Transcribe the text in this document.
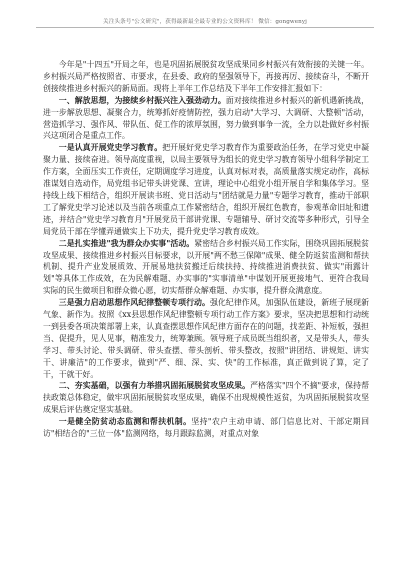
关注头条号"公文研究"，获得最新最全最专业的公文资料库！ 微信：gongwenyj

今年是"十四五"开局之年，也是巩固拓展脱贫攻坚成果同乡村振兴有效衔接的关键一年。乡村振兴局严格按照省、市要求，在县委、政府的坚强领导下，再接再厉、接续奋斗，不断开创接续推进乡村振兴的新局面。现将上半年工作总结及下半年工作安排汇报如下：

一、解放思想，为接续乡村振兴注入强劲动力。面对接续推进乡村振兴的新机遇新挑战，进一步解放思想、凝聚合力，统筹抓好疫情防控，强力启动"大学习、大调研、大整顿"活动，营造抓学习、强作风、带队伍、促工作的浓厚氛围，努力做到事争一流，全力以赴做好乡村振兴这项闭合是重点工作。

一是认真开展党史学习教育。把开展好党史学习教育作为重要政治任务，在学习党史中凝聚力量、接续奋进。领导高度重视，以局主要领导为组长的党史学习教育领导小组科学制定工作方案，全面压实工作责任，定期调度学习进度，认真对标对表，高质量落实规定动作，高标准谋划自选动作，局党组书记带头讲党课、宣讲，理论中心组党小组开展自学和集体学习。坚持线上线下相结合，组织开展读书班、党日活动与"团结就是力量"专题学习教育，推动干部职工了解党史学习论述以及当前各项重点工作紧密结合，组织开展红色教育，参观革命旧址和遗迹，并结合"党史学习教育月"开展党员干部讲党课、专题辅导、研讨交流等多种形式，引导全局党员干部在学懂弄通做实上下功夫，提升党史学习教育成效。

二是扎实推进"我为群众办实事"活动。紧密结合乡村振兴局工作实际，围绕巩固拓展脱贫攻坚成果、接续推进乡村振兴目标要求，以开展"两不愁三保障"成果、健全防返贫监测和帮扶机制、提升产业发展质效、开展易地扶贫搬迁后续扶持、持续推进消费扶贫、做实"雨露计划"等具体工作成效，在为民解难题、办实事的"实事清单"中谋划开展更接地气、更符合我局实际的民生微项目和群众微心愿，切实帮群众解难题、办实事，提升群众满意度。

三是强力启动思想作风纪律整顿专项行动。强化纪律作风，加强队伍建设，新班子展现新气象、新作为。按照《xx县思想作风纪律整顿专项行动工作方案》要求，坚决把思想和行动统一到县委各项决策部署上来，认真查摆思想作风纪律方面存在的问题，找差距、补短板，强担当、促提升，见人见事，精准发力，统筹兼顾。领导班子成员既当组织者，又是带头人，带头学习、带头讨论、带头调研、带头查摆、带头剖析、带头整改，按照"讲团结、讲规矩、讲实干、讲廉洁"的工作要求，做到"严、细、深、实、快"的工作标准，真正做到说了算，定了干，干就干好。

二、夯实基础，以强有力举措巩固拓展脱贫攻坚成果。严格落实"四个不摘"要求，保持帮扶政策总体稳定，做牢巩固拓展脱贫攻坚成果，确保不出现规模性返贫，为巩固拓展脱贫攻坚成果后评估奠定坚实基础。

一是健全防贫动态监测和帮扶机制。坚持"农户主动申请、部门信息比对、干部定期回访"相结合的"三位一体"监测网络，每月跟踪监测，对重点对象
